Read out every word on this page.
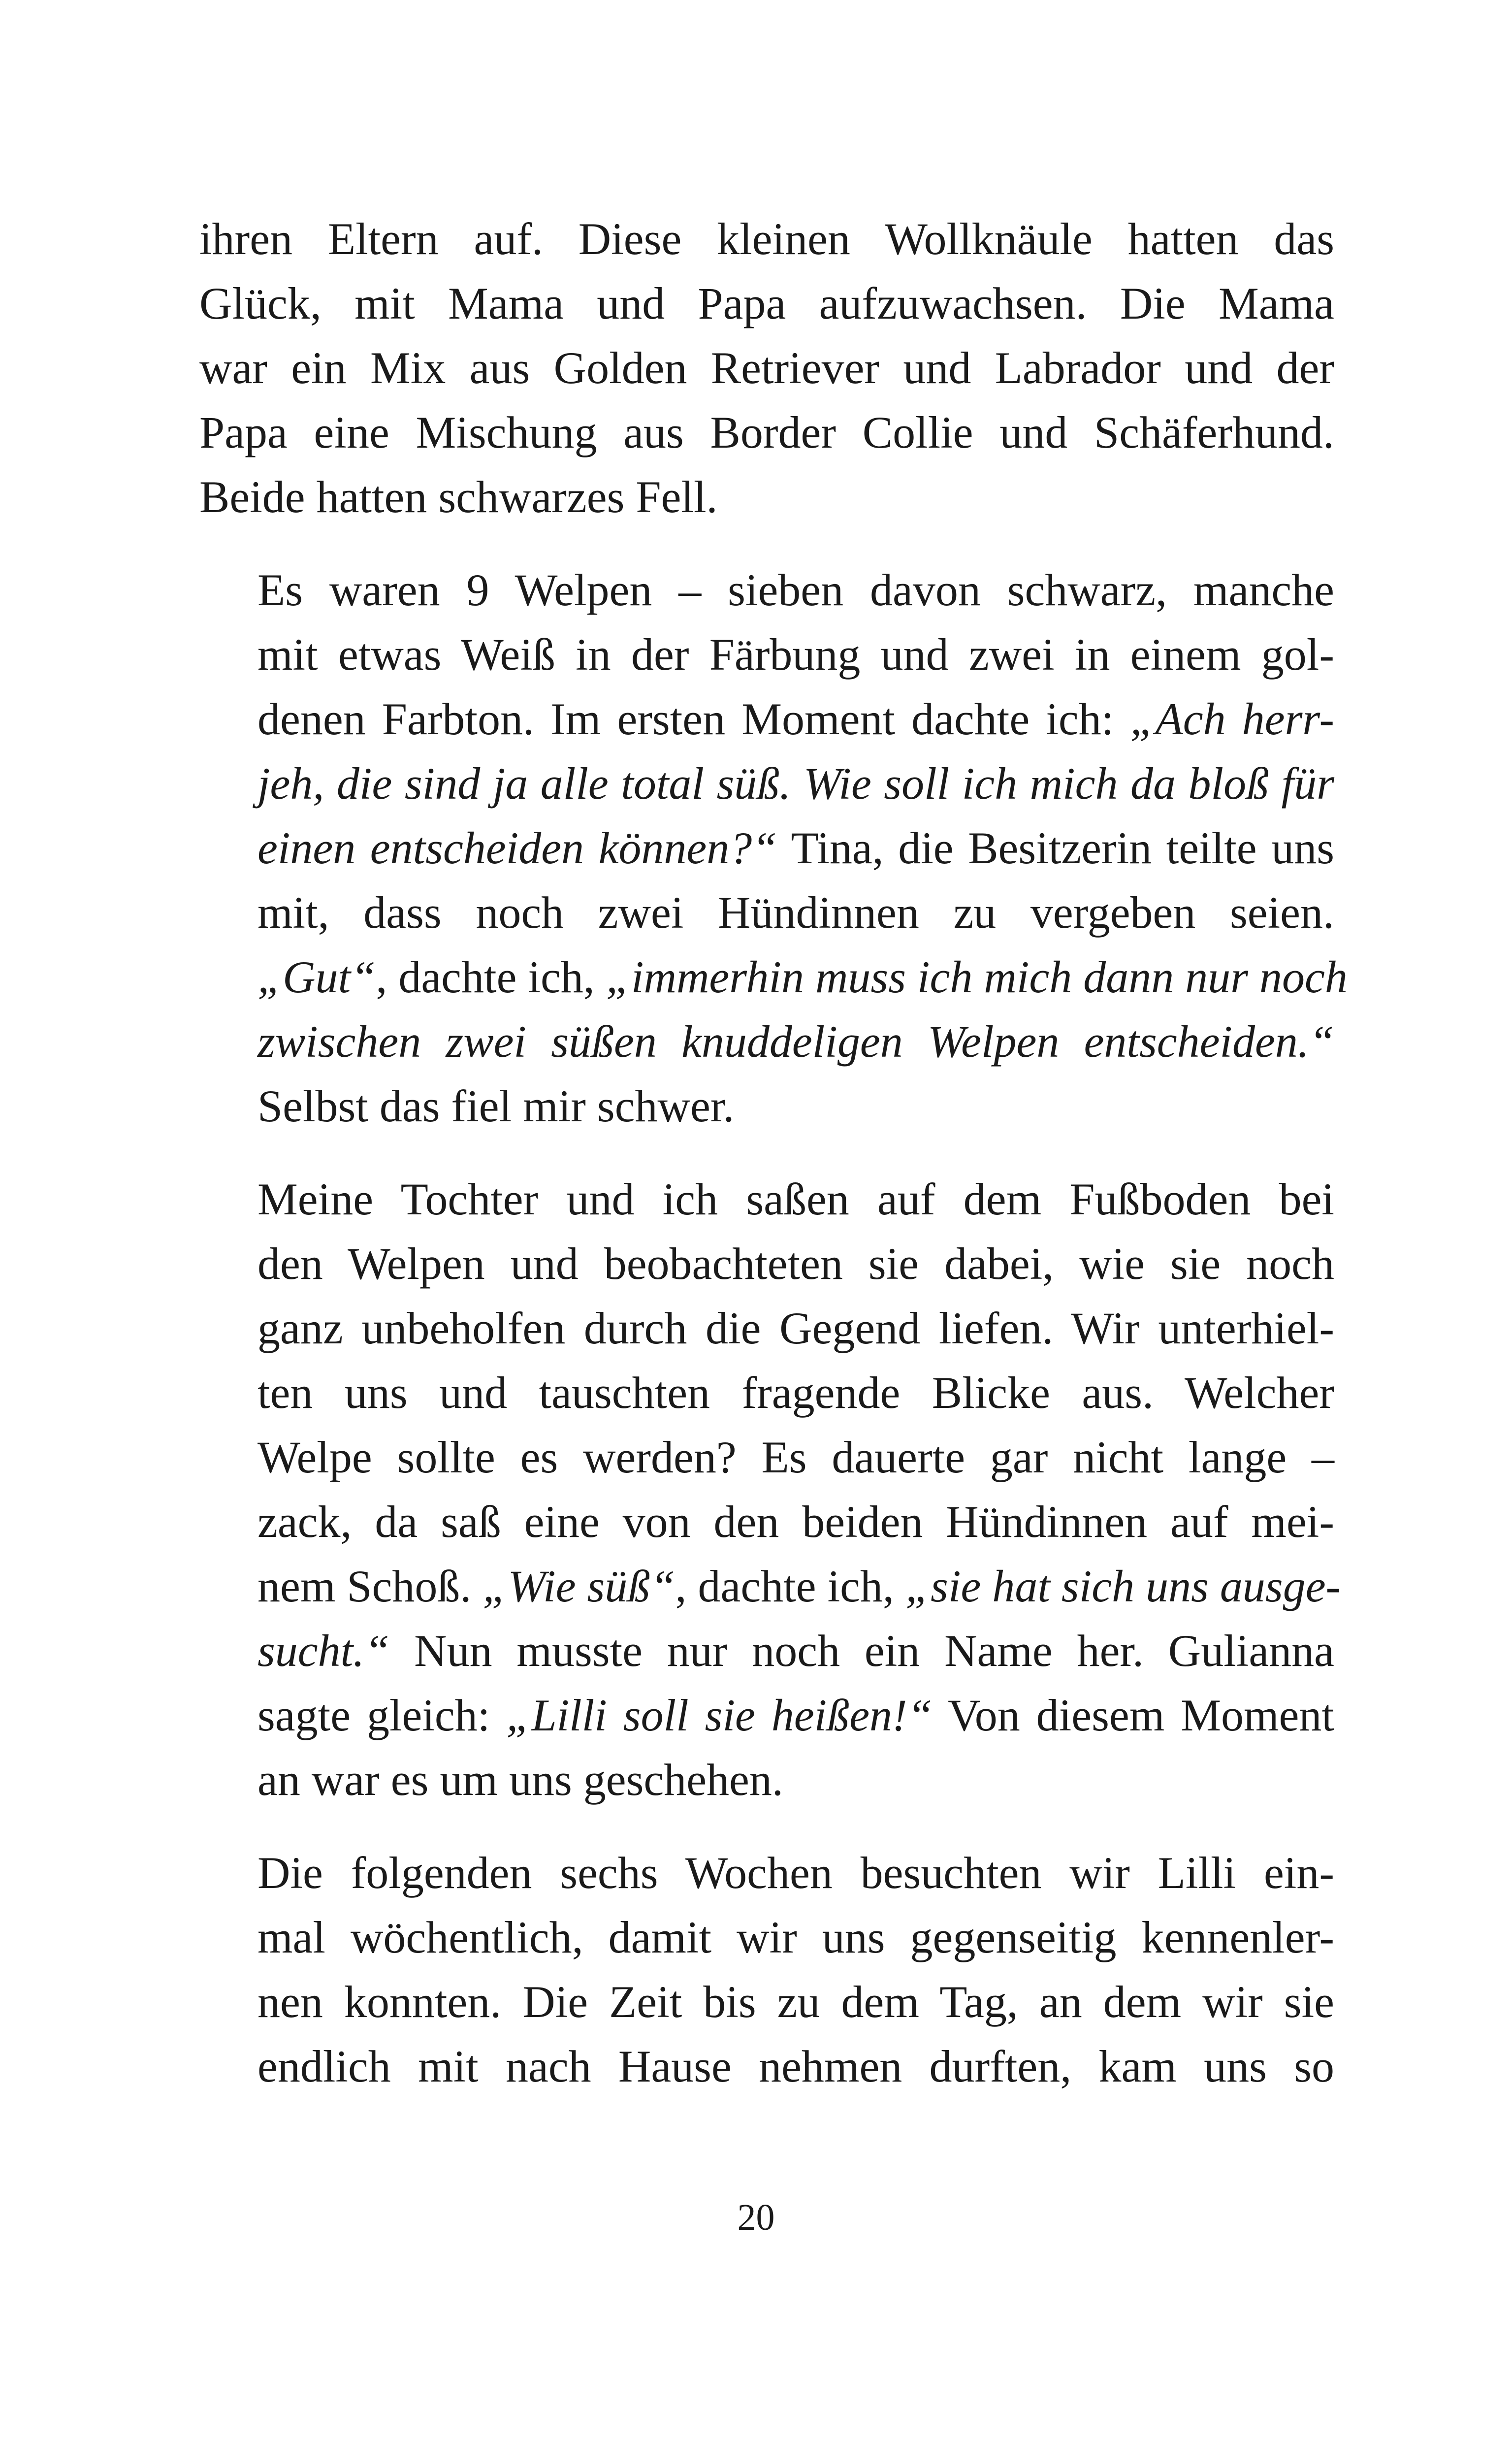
ihren Eltern auf. Diese kleinen Wollknäule hatten das
Glück, mit Mama und Papa aufzuwachsen. Die Mama
war ein Mix aus Golden Retriever und Labrador und der
Papa eine Mischung aus Border Collie und Schäferhund.
Beide hatten schwarzes Fell.
Es waren 9 Welpen – sieben davon schwarz, manche
mit etwas Weiß in der Färbung und zwei in einem gol-
denen Farbton. Im ersten Moment dachte ich: „Ach herr-
jeh, die sind ja alle total süß. Wie soll ich mich da bloß für
einen entscheiden können?“ Tina, die Besitzerin teilte uns
mit, dass noch zwei Hündinnen zu vergeben seien.
„Gut“, dachte ich, „immerhin muss ich mich dann nur noch
zwischen zwei süßen knuddeligen Welpen entscheiden.“
Selbst das fiel mir schwer.
Meine Tochter und ich saßen auf dem Fußboden bei
den Welpen und beobachteten sie dabei, wie sie noch
ganz unbeholfen durch die Gegend liefen. Wir unterhiel-
ten uns und tauschten fragende Blicke aus. Welcher
Welpe sollte es werden? Es dauerte gar nicht lange –
zack, da saß eine von den beiden Hündinnen auf mei-
nem Schoß. „Wie süß“, dachte ich, „sie hat sich uns ausge-
sucht.“ Nun musste nur noch ein Name her. Gulianna
sagte gleich: „Lilli soll sie heißen!“ Von diesem Moment
an war es um uns geschehen.
Die folgenden sechs Wochen besuchten wir Lilli ein-
mal wöchentlich, damit wir uns gegenseitig kennenler-
nen konnten. Die Zeit bis zu dem Tag, an dem wir sie
endlich mit nach Hause nehmen durften, kam uns so
20
